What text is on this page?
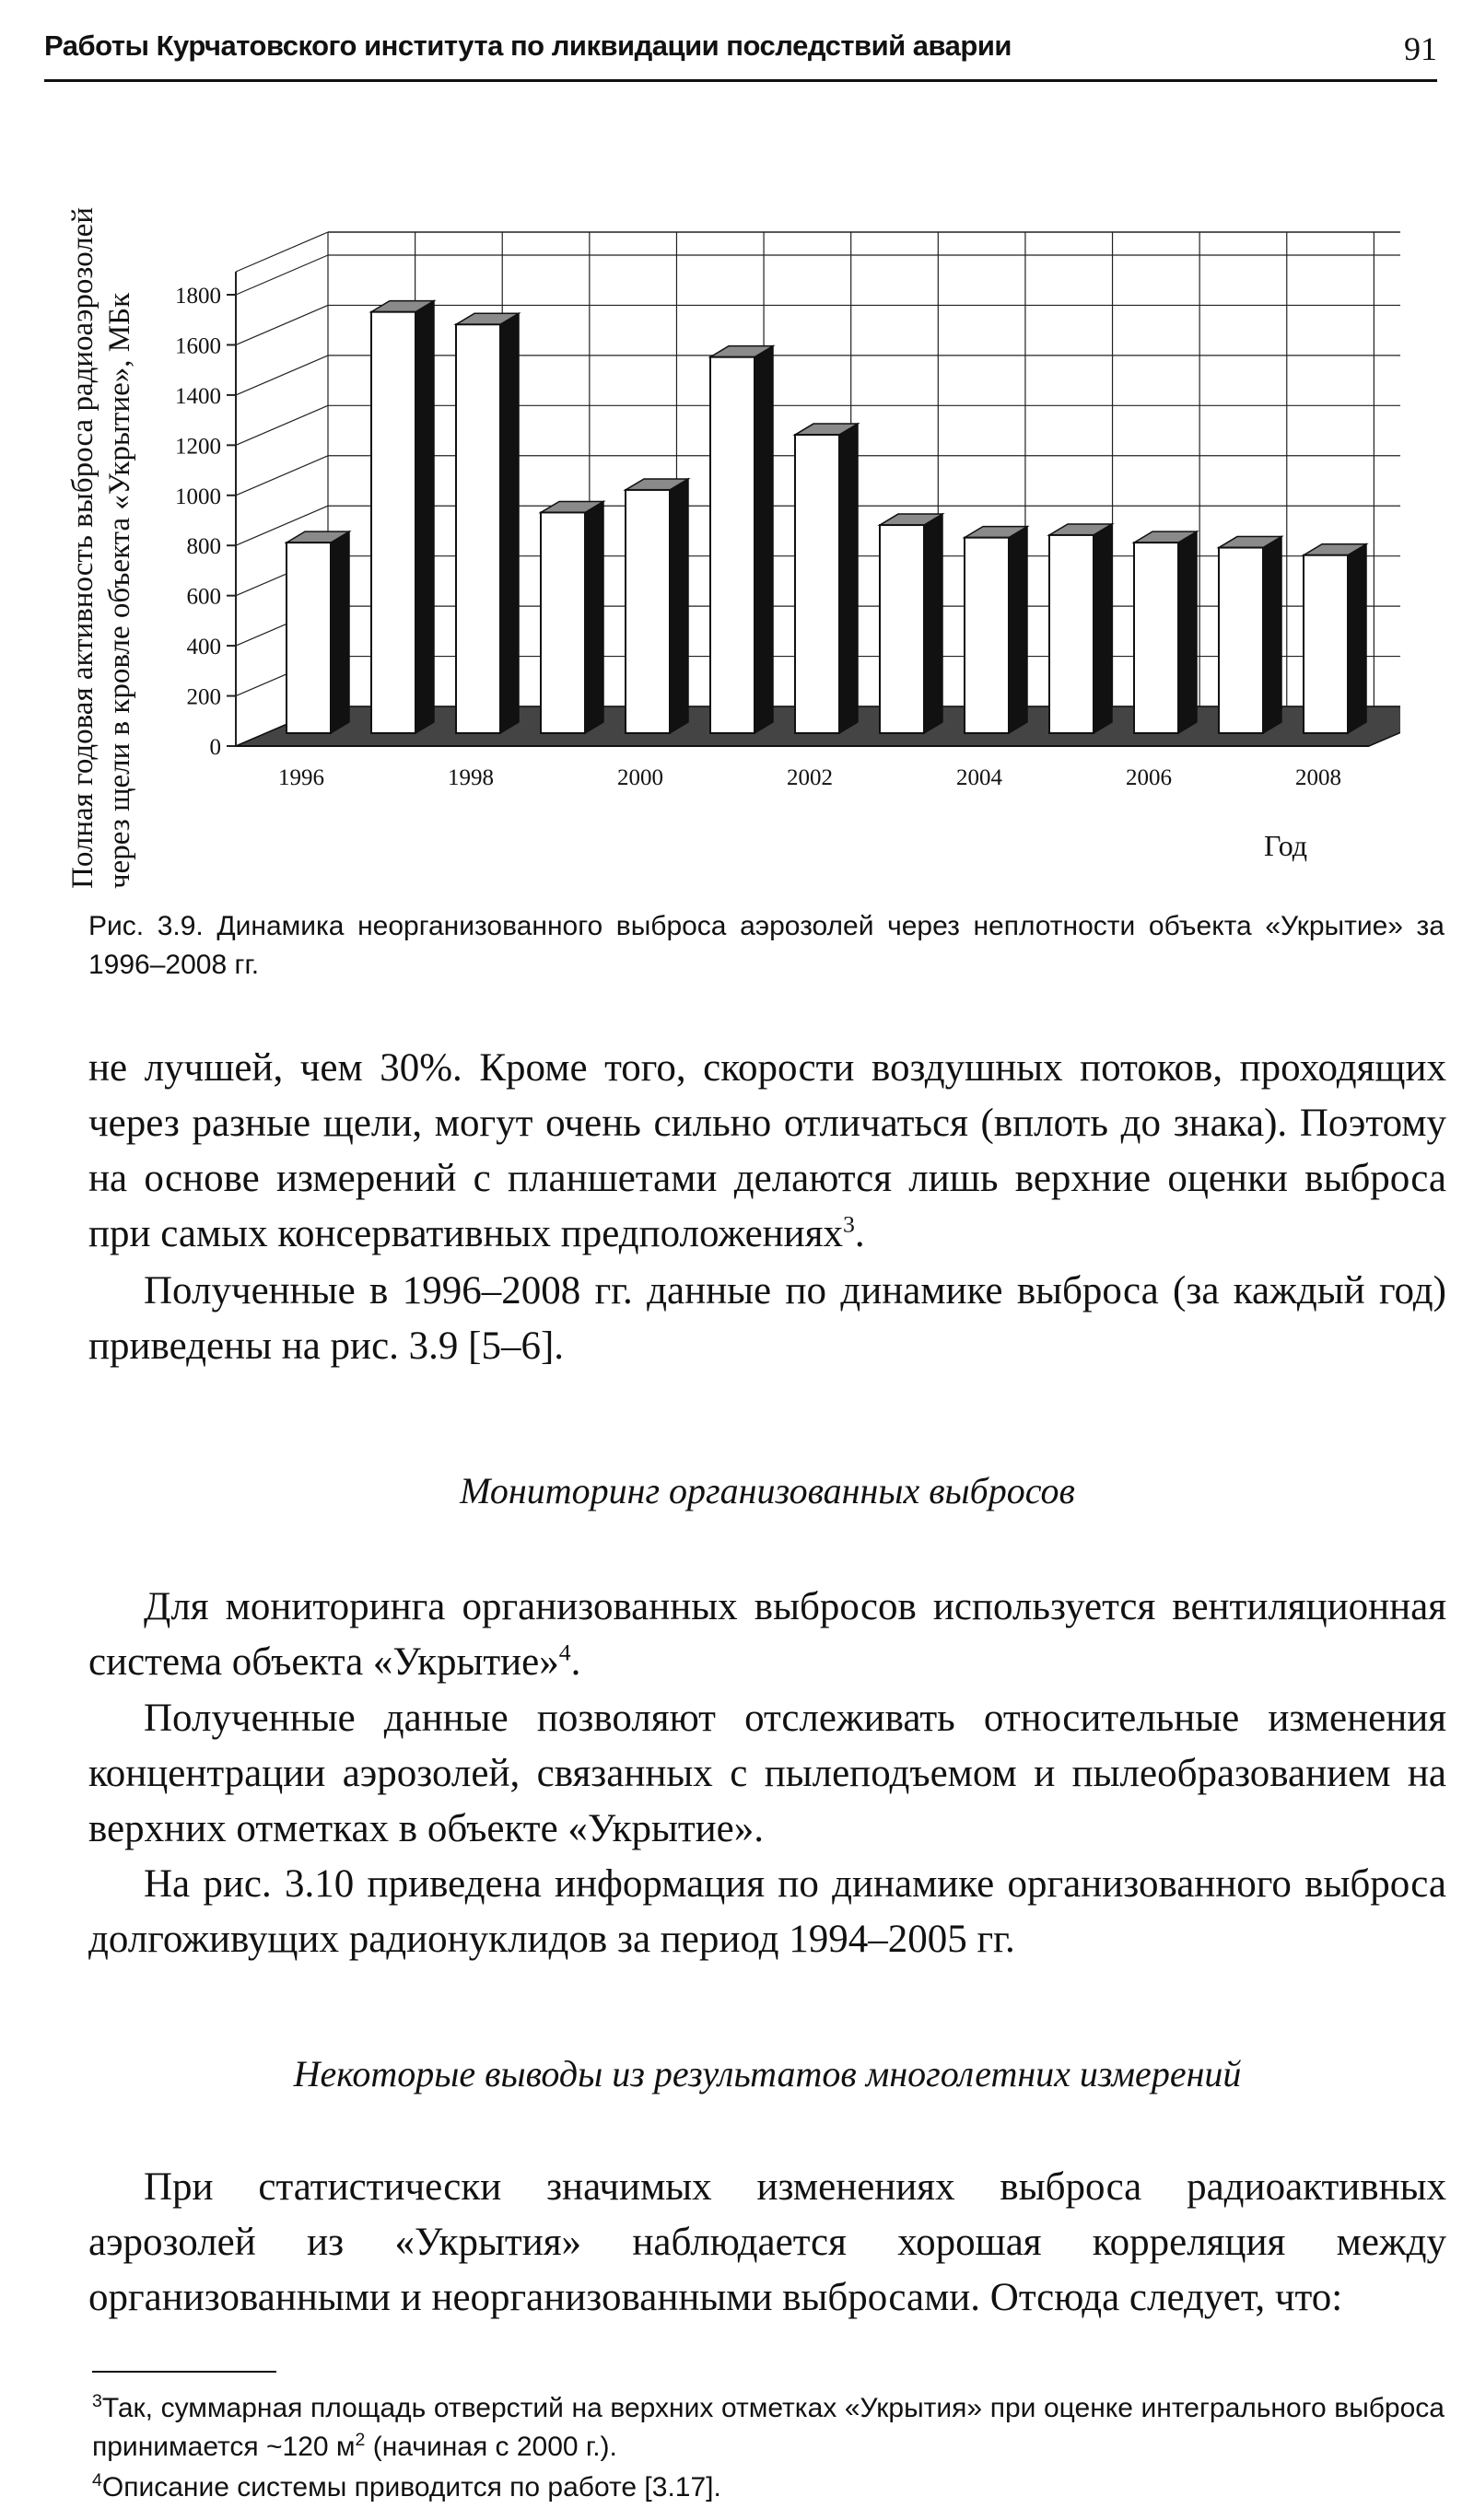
Работы Курчатовского института по ликвидации последствий аварии	91
0
200
400
600
800
1000
1200
1400
1600
1800
1996	1998	2000	2002	2004	2006	2008
Полная годовая активность выброса радиоаэрозолей через щели в кровле объекта «Укрытие», МБк	Год
Рис. 3.9. Динамика неорганизованного выброса аэрозолей через неплотности объекта «Укрытие» за 1996–2008 гг.

не лучшей, чем 30%. Кроме того, скорости воздушных потоков, проходящих через разные щели, могут очень сильно отличаться (вплоть до знака). Поэтому на основе измерений с планшетами делаются лишь верхние оценки выброса при самых консервативных предположениях$^3$.

Полученные в 1996–2008 гг. данные по динамике выброса (за каждый год) приведены на рис. 3.9 [5–6].

Мониторинг организованных выбросов

Для мониторинга организованных выбросов используется вентиляционная система объекта «Укрытие»$^4$.

Полученные данные позволяют отслеживать относительные изменения концентрации аэрозолей, связанных с пылеподъемом и пылеобразованием на верхних отметках в объекте «Укрытие».

На рис. 3.10 приведена информация по динамике организованного выброса долгоживущих радионуклидов за период 1994–2005 гг.

Некоторые выводы из результатов многолетних измерений

При статистически значимых изменениях выброса радиоактивных аэрозолей из «Укрытия» наблюдается хорошая корреляция между организованными и неорганизованными выбросами. Отсюда следует, что:

$^3$Так, суммарная площадь отверстий на верхних отметках «Укрытия» при оценке интегрального выброса принимается ~120 $м^2$ (начиная с 2000 г.).
$^4$Описание системы приводится по работе [3.17].
